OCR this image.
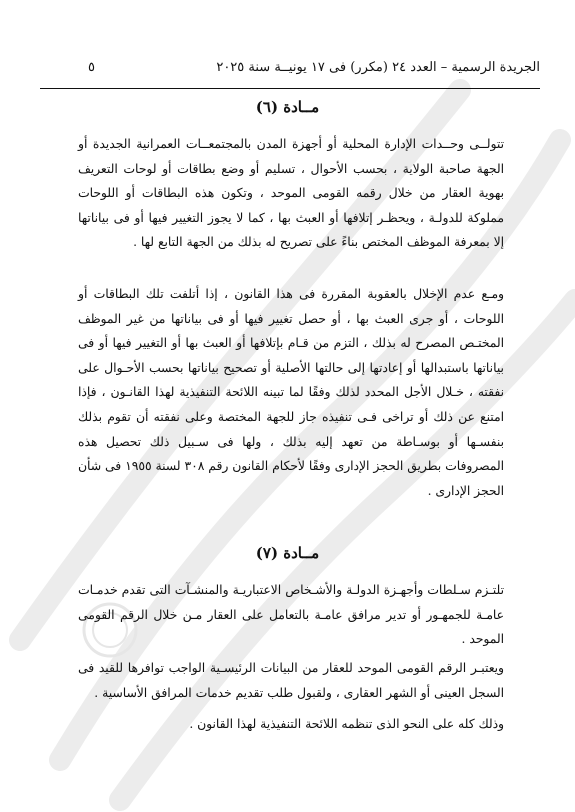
الجريدة الرسمية – العدد ٢٤ (مكرر) فى ١٧ يونيــة سنة ٢٠٢٥
٥
مــادة (٦)

تتولــى وحــدات الإدارة المحلية أو أجهزة المدن بالمجتمعــات العمرانية الجديدة أو الجهة صاحبة الولاية ، بحسب الأحوال ، تسليم أو وضع بطاقات أو لوحات التعريف بهوية العقار من خلال رقمه القومى الموحد ، وتكون هذه البطاقات أو اللوحات مملوكة للدولـة ، ويحظـر إتلافها أو العبث بها ، كما لا يجوز التغيير فيها أو فى بياناتها إلا بمعرفة الموظف المختص بناءً على تصريح له بذلك من الجهة التابع لها .

ومـع عدم الإخلال بالعقوبة المقررة فى هذا القانون ، إذا أتلفت تلك البطاقات أو اللوحات ، أو جرى العبث بها ، أو حصل تغيير فيها أو فى بياناتها من غير الموظف المختـص المصرح له بذلك ، التزم من قـام بإتلافها أو العبث بها أو التغيير فيها أو فى بياناتها باستبدالها أو إعادتها إلى حالتها الأصلية أو تصحيح بياناتها بحسب الأحـوال على نفقته ، خـلال الأجل المحدد لذلك وفقًا لما تبينه اللائحة التنفيذية لهذا القانـون ، فإذا امتنع عن ذلك أو تراخى فـى تنفيذه جاز للجهة المختصة وعلى نفقته أن تقوم بذلك بنفسـها أو بوسـاطة من تعهد إليه بذلك ، ولها فى سـبيل ذلك تحصيل هذه المصروفات بطريق الحجز الإدارى وفقًا لأحكام القانون رقم ٣٠٨ لسنة ١٩٥٥ فى شأن الحجز الإدارى .

مــادة (٧)

تلتـزم سـلطات وأجهـزة الدولـة والأشـخاص الاعتباريـة والمنشـآت التى تقدم خدمـات عامـة للجمهـور أو تدير مرافق عامـة بالتعامل على العقار مـن خلال الرقم القومى الموحد .

ويعتبـر الرقم القومى الموحد للعقار من البيانات الرئيسـية الواجب توافرها للقيد فى السجل العينى أو الشهر العقارى ، ولقبول طلب تقديم خدمات المرافق الأساسية .

وذلك كله على النحو الذى تنظمه اللائحة التنفيذية لهذا القانون .
